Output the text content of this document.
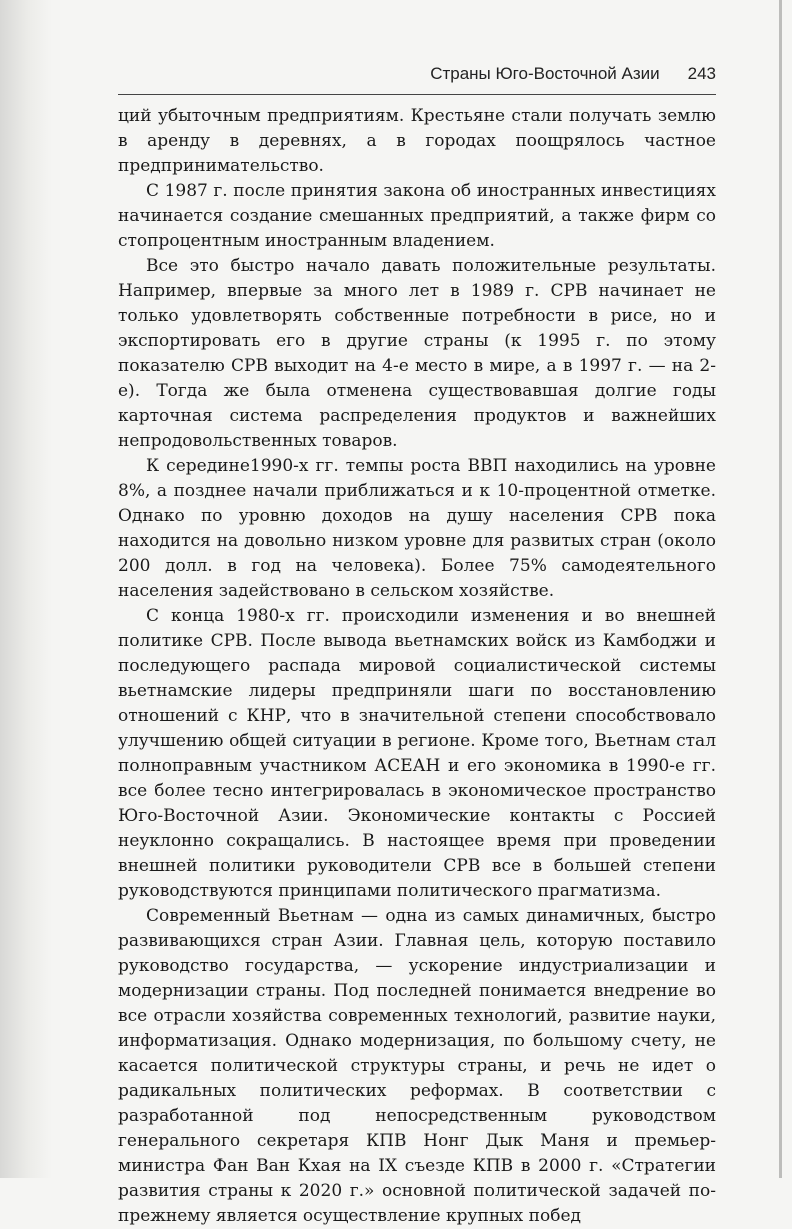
Страны Юго-Восточной Азии 243

ций убыточным предприятиям. Крестьяне стали получать землю в аренду в деревнях, а в городах поощрялось частное предпринимательство.

С 1987 г. после принятия закона об иностранных инвестициях начинается создание смешанных предприятий, а также фирм со стопроцентным иностранным владением.

Все это быстро начало давать положительные результаты. Например, впервые за много лет в 1989 г. СРВ начинает не только удовлетворять собственные потребности в рисе, но и экспортировать его в другие страны (к 1995 г. по этому показателю СРВ выходит на 4-е место в мире, а в 1997 г. — на 2-е). Тогда же была отменена существовавшая долгие годы карточная система распределения продуктов и важнейших непродовольственных товаров.

К середине1990-х гг. темпы роста ВВП находились на уровне 8%, а позднее начали приближаться и к 10-процентной отметке. Однако по уровню доходов на душу населения СРВ пока находится на довольно низком уровне для развитых стран (около 200 долл. в год на человека). Более 75% самодеятельного населения задействовано в сельском хозяйстве.

С конца 1980-х гг. происходили изменения и во внешней политике СРВ. После вывода вьетнамских войск из Камбоджи и последующего распада мировой социалистической системы вьетнамские лидеры предприняли шаги по восстановлению отношений с КНР, что в значительной степени способствовало улучшению общей ситуации в регионе. Кроме того, Вьетнам стал полноправным участником АСЕАН и его экономика в 1990-е гг. все более тесно интегрировалась в экономическое пространство Юго-Восточной Азии. Экономические контакты с Россией неуклонно сокращались. В настоящее время при проведении внешней политики руководители СРВ все в большей степени руководствуются принципами политического прагматизма.

Современный Вьетнам — одна из самых динамичных, быстро развивающихся стран Азии. Главная цель, которую поставило руководство государства, — ускорение индустриализации и модернизации страны. Под последней понимается внедрение во все отрасли хозяйства современных технологий, развитие науки, информатизация. Однако модернизация, по большому счету, не касается политической структуры страны, и речь не идет о радикальных политических реформах. В соответствии с разработанной под непосредственным руководством генерального секретаря КПВ Нонг Дык Маня и премьер-министра Фан Ван Кхая на IX съезде КПВ в 2000 г. «Стратегии развития страны к 2020 г.» основной политической задачей по-прежнему является осуществление крупных побед
